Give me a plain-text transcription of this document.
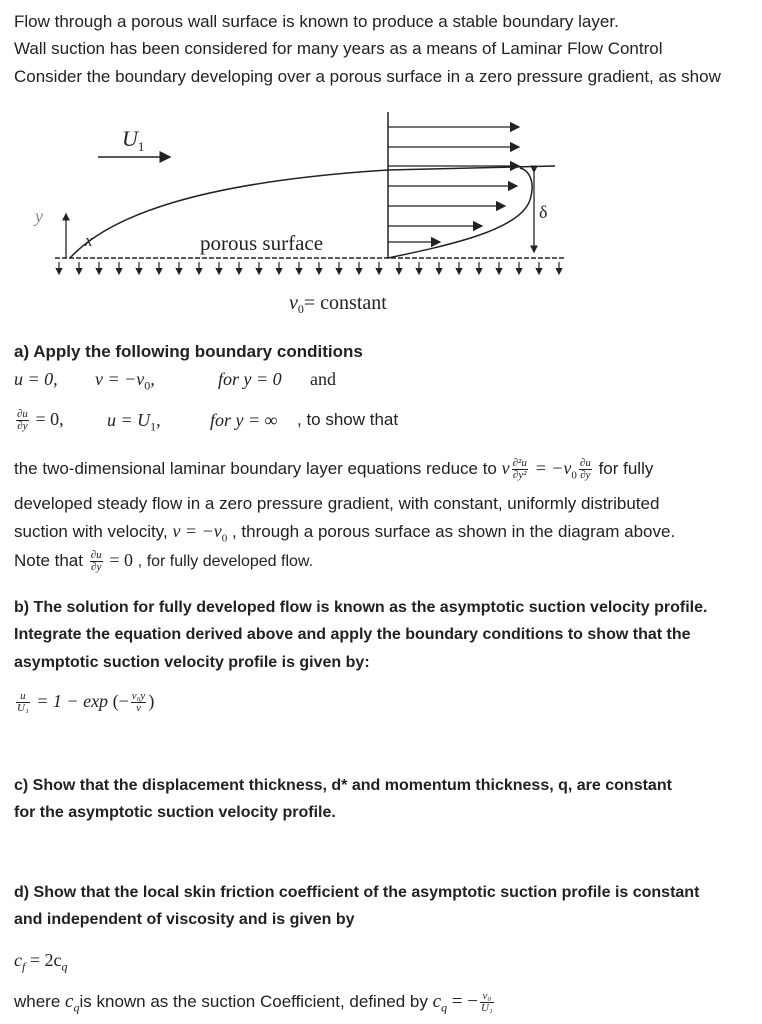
Flow through a porous wall surface is known to produce a stable boundary layer.
Wall suction has been considered for many years as a means of Laminar Flow Control
Consider the boundary developing over a porous surface in a zero pressure gradient, as show
$U_1$
y
x	porous surface
δ
$v_0=$ constant
a) Apply the following boundary conditions
u = 0, $\nu = -\nu_0$,	for y = 0 and
$\frac{\partial u}{\partial y} = 0$, $u = U_1$,	for y = ∞ , to show that
the two-dimensional laminar boundary layer equations reduce to ν $\frac{\text{∂²u}}{\text{∂y²}} = -\nu_0 \frac{\partial u}{\partial y}$ for fully
developed steady flow in a zero pressure gradient, with constant, uniformly distributed
suction with velocity, $\nu = -\nu_0$ , through a porous surface as shown in the diagram above.
Note that $\frac{\partial u}{\partial y} = 0$ , for fully developed flow.
b) The solution for fully developed flow is known as the asymptotic suction velocity profile.
Integrate the equation derived above and apply the boundary conditions to show that the
asymptotic suction velocity profile is given by:
$\frac{u}{\text{U₁}} = 1 - \exp$ (− $\frac{\text{ν₀y}}{\nu}$ )
c) Show that the displacement thickness, d* and momentum thickness, q, are constant
for the asymptotic suction velocity profile.
d) Show that the local skin friction coefficient of the asymptotic suction profile is constant
and independent of viscosity and is given by
$c_f = 2c_q$
where $c_qis$ known as the suction Coefficient, defined by $c_q$ = − $\frac{\text{ν₀}}{\text{U₁}}$
